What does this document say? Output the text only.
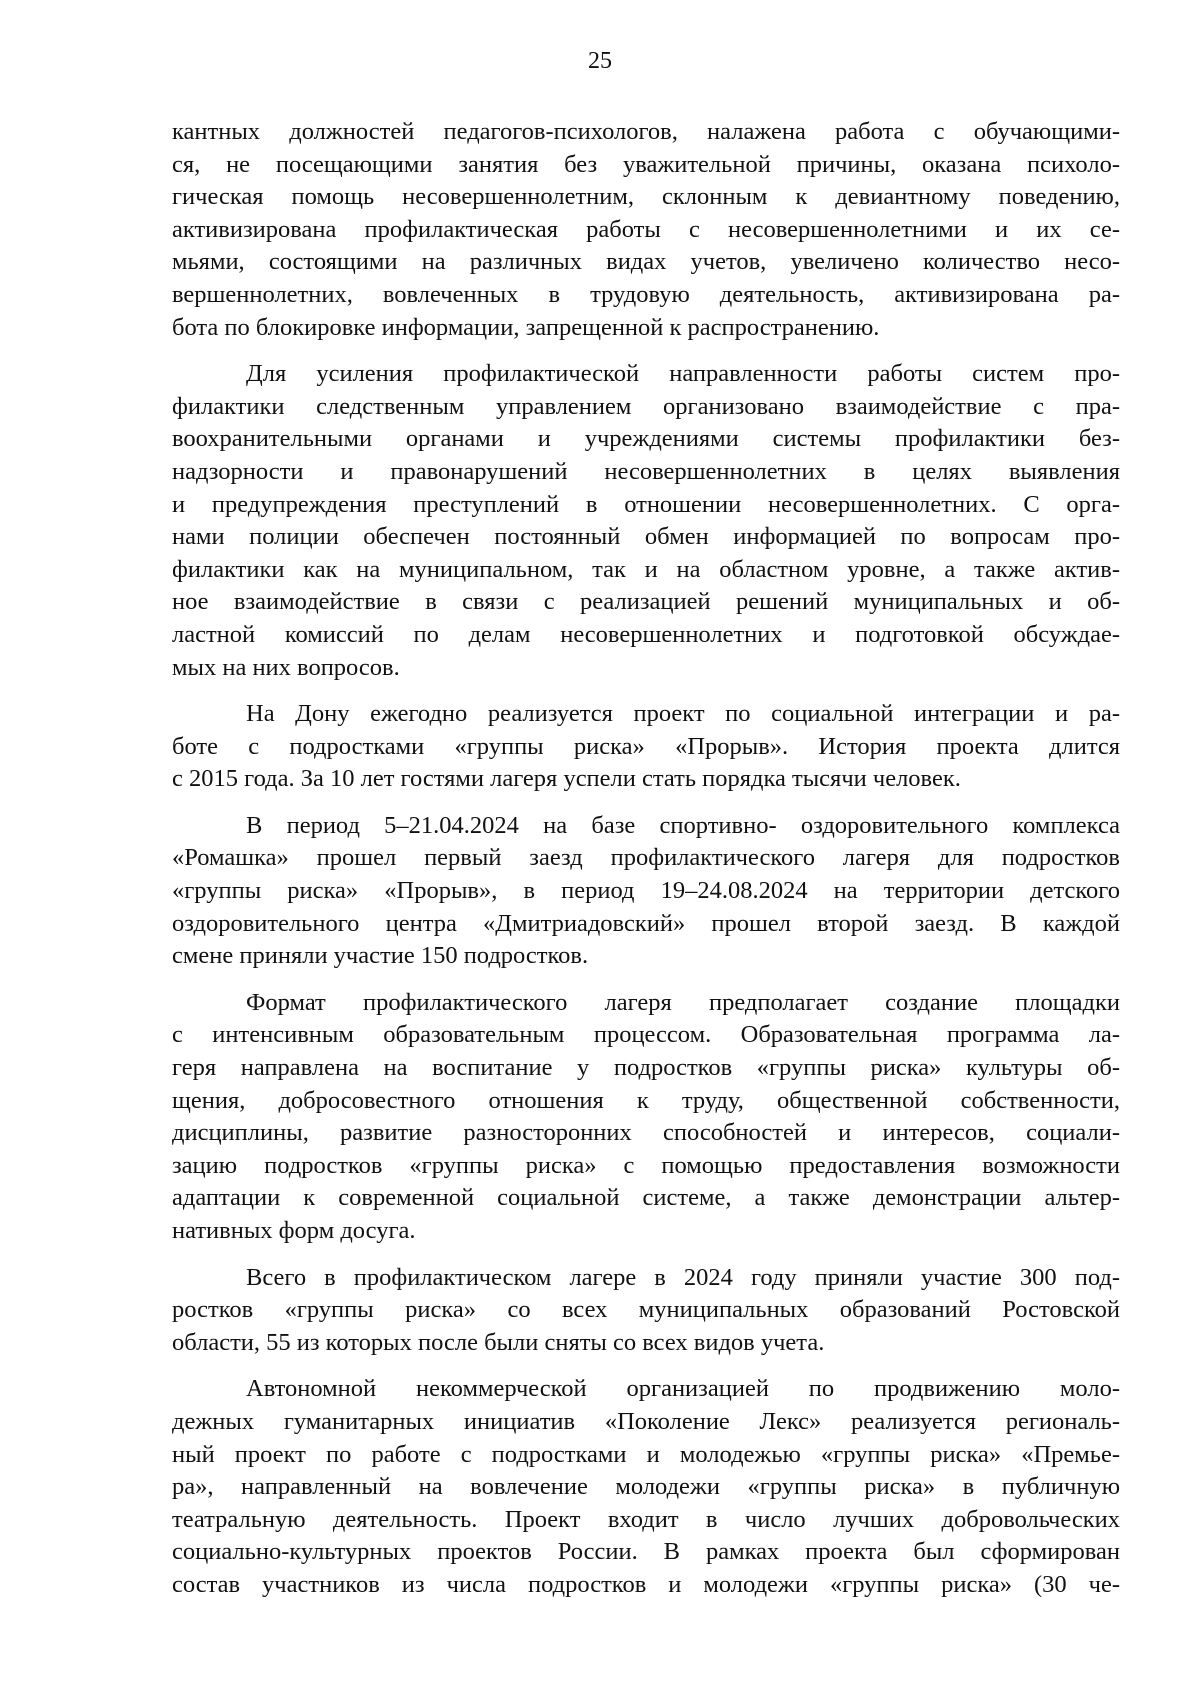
25

кантных должностей педагогов-психологов, налажена работа с обучающими-
ся, не посещающими занятия без уважительной причины, оказана психоло-
гическая помощь несовершеннолетним, склонным к девиантному поведению,
активизирована профилактическая работы с несовершеннолетними и их се-
мьями, состоящими на различных видах учетов, увеличено количество несо-
вершеннолетних, вовлеченных в трудовую деятельность, активизирована ра-
бота по блокировке информации, запрещенной к распространению.

Для усиления профилактической направленности работы систем про-
филактики следственным управлением организовано взаимодействие с пра-
воохранительными органами и учреждениями системы профилактики без-
надзорности и правонарушений несовершеннолетних в целях выявления
и предупреждения преступлений в отношении несовершеннолетних. С орга-
нами полиции обеспечен постоянный обмен информацией по вопросам про-
филактики как на муниципальном, так и на областном уровне, а также актив-
ное взаимодействие в связи с реализацией решений муниципальных и об-
ластной комиссий по делам несовершеннолетних и подготовкой обсуждае-
мых на них вопросов.

На Дону ежегодно реализуется проект по социальной интеграции и ра-
боте с подростками «группы риска» «Прорыв». История проекта длится
с 2015 года. За 10 лет гостями лагеря успели стать порядка тысячи человек.

В период 5–21.04.2024 на базе спортивно- оздоровительного комплекса
«Ромашка» прошел первый заезд профилактического лагеря для подростков
«группы риска» «Прорыв», в период 19–24.08.2024 на территории детского
оздоровительного центра «Дмитриадовский» прошел второй заезд. В каждой
смене приняли участие 150 подростков.

Формат профилактического лагеря предполагает создание площадки
с интенсивным образовательным процессом. Образовательная программа ла-
геря направлена на воспитание у подростков «группы риска» культуры об-
щения, добросовестного отношения к труду, общественной собственности,
дисциплины, развитие разносторонних способностей и интересов, социали-
зацию подростков «группы риска» с помощью предоставления возможности
адаптации к современной социальной системе, а также демонстрации альтер-
нативных форм досуга.

Всего в профилактическом лагере в 2024 году приняли участие 300 под-
ростков «группы риска» со всех муниципальных образований Ростовской
области, 55 из которых после были сняты со всех видов учета.

Автономной некоммерческой организацией по продвижению моло-
дежных гуманитарных инициатив «Поколение Лекс» реализуется региональ-
ный проект по работе с подростками и молодежью «группы риска» «Премье-
ра», направленный на вовлечение молодежи «группы риска» в публичную
театральную деятельность. Проект входит в число лучших добровольческих
социально-культурных проектов России. В рамках проекта был сформирован
состав участников из числа подростков и молодежи «группы риска» (30 че-
